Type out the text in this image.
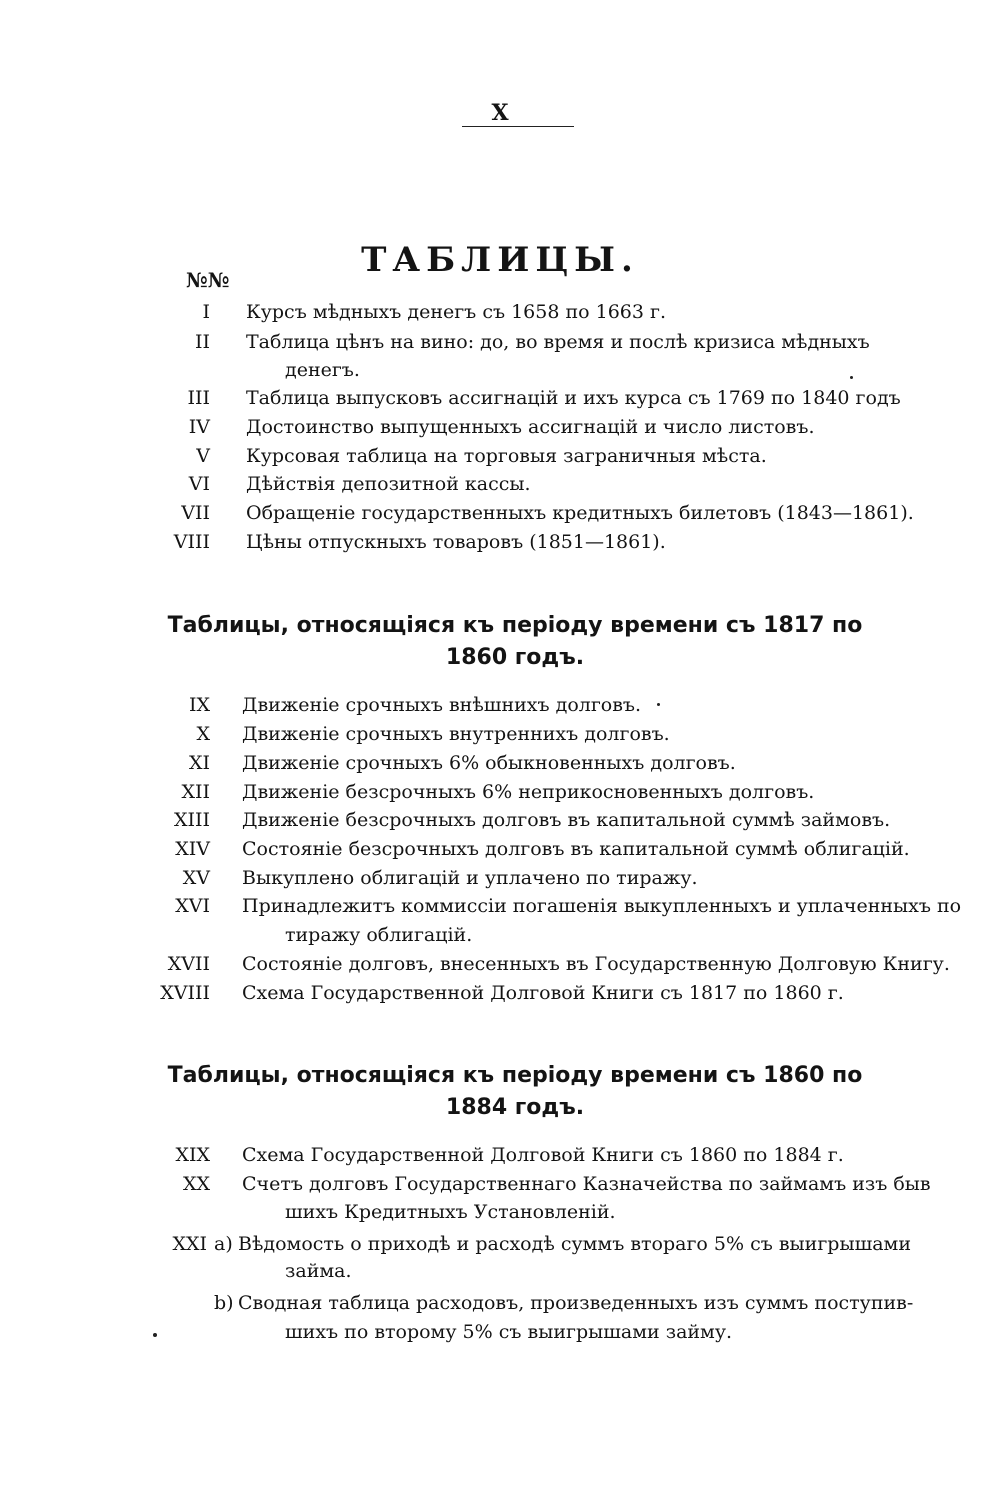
X
ТАБЛИЦЫ.
№№
I Курсъ мѣдныхъ денегъ съ 1658 по 1663 г.
II Таблица цѣнъ на вино: до, во время и послѣ кризиса мѣдныхъ
денегъ.
III Таблица выпусковъ ассигнацій и ихъ курса съ 1769 по 1840 годъ
IV Достоинство выпущенныхъ ассигнацій и число листовъ.
V Курсовая таблица на торговыя заграничныя мѣста.
VI Дѣйствія депозитной кассы.
VII Обращеніе государственныхъ кредитныхъ билетовъ (1843—1861).
VIII Цѣны отпускныхъ товаровъ (1851—1861).
Таблицы, относящіяся къ періоду времени съ 1817 по
1860 годъ.
IX Движеніе срочныхъ внѣшнихъ долговъ.
X Движеніе срочныхъ внутреннихъ долговъ.
XI Движеніе срочныхъ 6% обыкновенныхъ долговъ.
XII Движеніе безсрочныхъ 6% неприкосновенныхъ долговъ.
XIII Движеніе безсрочныхъ долговъ въ капитальной суммѣ займовъ.
XIV Состояніе безсрочныхъ долговъ въ капитальной суммѣ облигацій.
XV Выкуплено облигацій и уплачено по тиражу.
XVI Принадлежитъ коммиссіи погашенія выкупленныхъ и уплаченныхъ по
тиражу облигацій.
XVII Состояніе долговъ, внесенныхъ въ Государственную Долговую Книгу.
XVIII Схема Государственной Долговой Книги съ 1817 по 1860 г.
Таблицы, относящіяся къ періоду времени съ 1860 по
1884 годъ.
XIX Схема Государственной Долговой Книги съ 1860 по 1884 г.
XX Счетъ долговъ Государственнаго Казначейства по займамъ изъ быв
шихъ Кредитныхъ Установленій.
XXI a) Вѣдомость о приходѣ и расходѣ суммъ втораго 5% съ выигрышами
займа.
b) Сводная таблица расходовъ, произведенныхъ изъ суммъ поступив-
шихъ по второму 5% съ выигрышами займу.
